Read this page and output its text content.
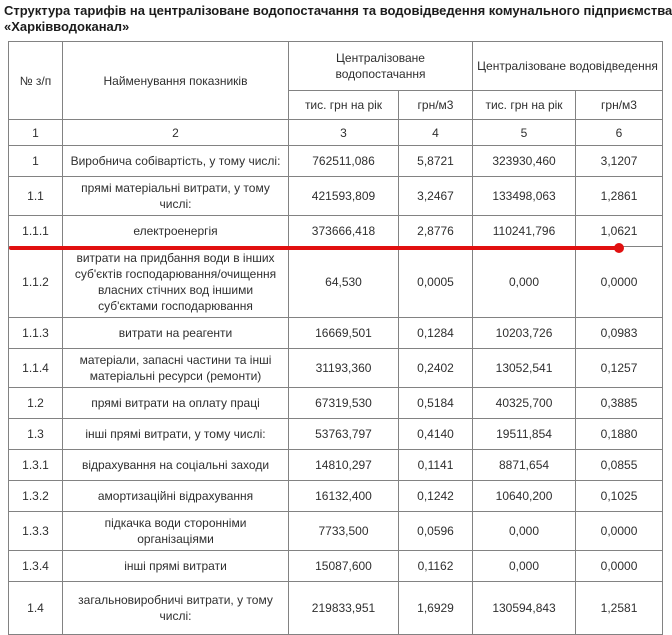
Структура тарифів на централізоване водопостачання та водовідведення комунального підприємства
«Харківводоканал»
№ з/п	Найменування показників	Централізоване водопостачання		Централізоване водовідведення	
		тис. грн на рік	грн/м3	тис. грн на рік	грн/м3
1	2	3	4	5	6
1	Виробнича собівартість, у тому числі:	762511,086	5,8721	323930,460	3,1207
1.1	прямі матеріальні витрати, у тому числі:	421593,809	3,2467	133498,063	1,2861
1.1.1	електроенергія	373666,418	2,8776	110241,796	1,0621
1.1.2	витрати на придбання води в інших суб'єктів господарювання/очищення власних стічних вод іншими суб'єктами господарювання	64,530	0,0005	0,000	0,0000
1.1.3	витрати на реагенти	16669,501	0,1284	10203,726	0,0983
1.1.4	матеріали, запасні частини та інші матеріальні ресурси (ремонти)	31193,360	0,2402	13052,541	0,1257
1.2	прямі витрати на оплату праці	67319,530	0,5184	40325,700	0,3885
1.3	інші прямі витрати, у тому числі:	53763,797	0,4140	19511,854	0,1880
1.3.1	відрахування на соціальні заходи	14810,297	0,1141	8871,654	0,0855
1.3.2	амортизаційні відрахування	16132,400	0,1242	10640,200	0,1025
1.3.3	підкачка води сторонніми організаціями	7733,500	0,0596	0,000	0,0000
1.3.4	інші прямі витрати	15087,600	0,1162	0,000	0,0000
1.4	загальновиробничі витрати, у тому числі:	219833,951	1,6929	130594,843	1,2581
